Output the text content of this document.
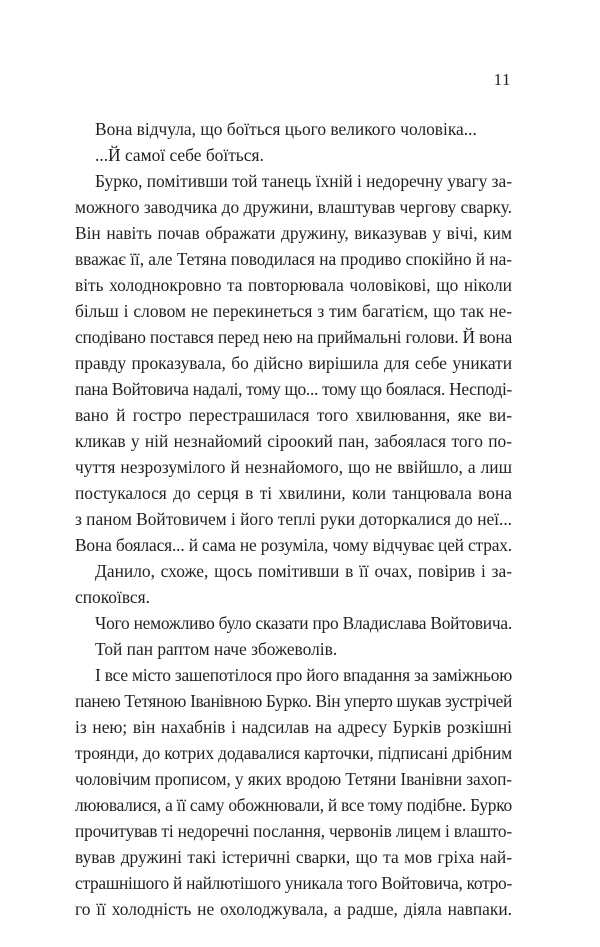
11
Вона відчула, що боїться цього великого чоловіка...
...Й самої себе боїться.
Бурко, помітивши той танець їхній і недоречну увагу за-
можного заводчика до дружини, влаштував чергову сварку.
Він навіть почав ображати дружину, виказував у вічі, ким
вважає її, але Тетяна поводилася на продиво спокійно й на-
віть холоднокровно та повторювала чоловікові, що ніколи
більш і словом не перекинеться з тим багатієм, що так не-
сподівано постався перед нею на приймальні голови. Й вона
правду проказувала, бо дійсно вирішила для себе уникати
пана Войтовича надалі, тому що... тому що боялася. Несподі-
вано й гостро перестрашилася того хвилювання, яке ви-
кликав у ній незнайомий сіроокий пан, забоялася того по-
чуття незрозумілого й незнайомого, що не ввійшло, а лиш
постукалося до серця в ті хвилини, коли танцювала вона
з паном Войтовичем і його теплі руки доторкалися до неї...
Вона боялася... й сама не розуміла, чому відчуває цей страх.
Данило, схоже, щось помітивши в її очах, повірив і за-
спокоївся.
Чого неможливо було сказати про Владислава Войтовича.
Той пан раптом наче збожеволів.
І все місто зашепотілося про його впадання за заміжньою
панею Тетяною Іванівною Бурко. Він уперто шукав зустрічей
із нею; він нахабнів і надсилав на адресу Бурків розкішні
троянди, до котрих додавалися карточки, підписані дрібним
чоловічим прописом, у яких вродою Тетяни Іванівни захоп-
люювалися, а її саму обожнювали, й все тому подібне. Бурко
прочитував ті недоречні послання, червонів лицем і влашто-
вував дружині такі істеричні сварки, що та мов гріха най-
страшнішого й найлютішого уникала того Войтовича, котро-
го її холодність не охолоджувала, а радше, діяла навпаки.
